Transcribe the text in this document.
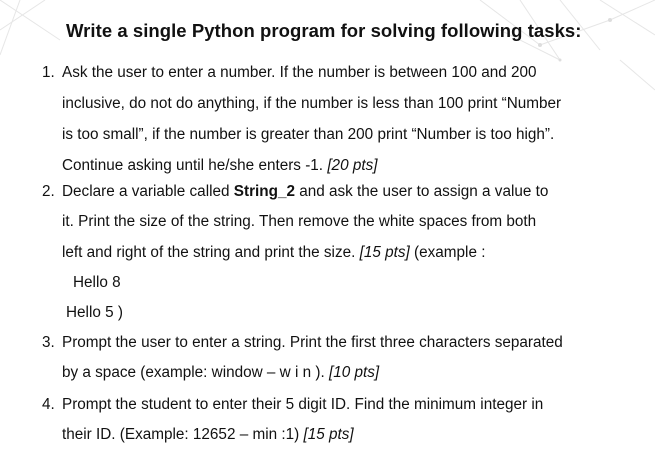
Write a single Python program for solving following tasks:
1. Ask the user to enter a number. If the number is between 100 and 200
inclusive, do not do anything, if the number is less than 100 print “Number
is too small”, if the number is greater than 200 print “Number is too high”.
Continue asking until he/she enters -1. [20 pts]
2. Declare a variable called String_2 and ask the user to assign a value to
it. Print the size of the string. Then remove the white spaces from both
left and right of the string and print the size. [15 pts] (example :
Hello 8
Hello 5 )
3. Prompt the user to enter a string. Print the first three characters separated
by a space (example: window – w i n ). [10 pts]
4. Prompt the student to enter their 5 digit ID. Find the minimum integer in
their ID. (Example: 12652 – min :1) [15 pts]
